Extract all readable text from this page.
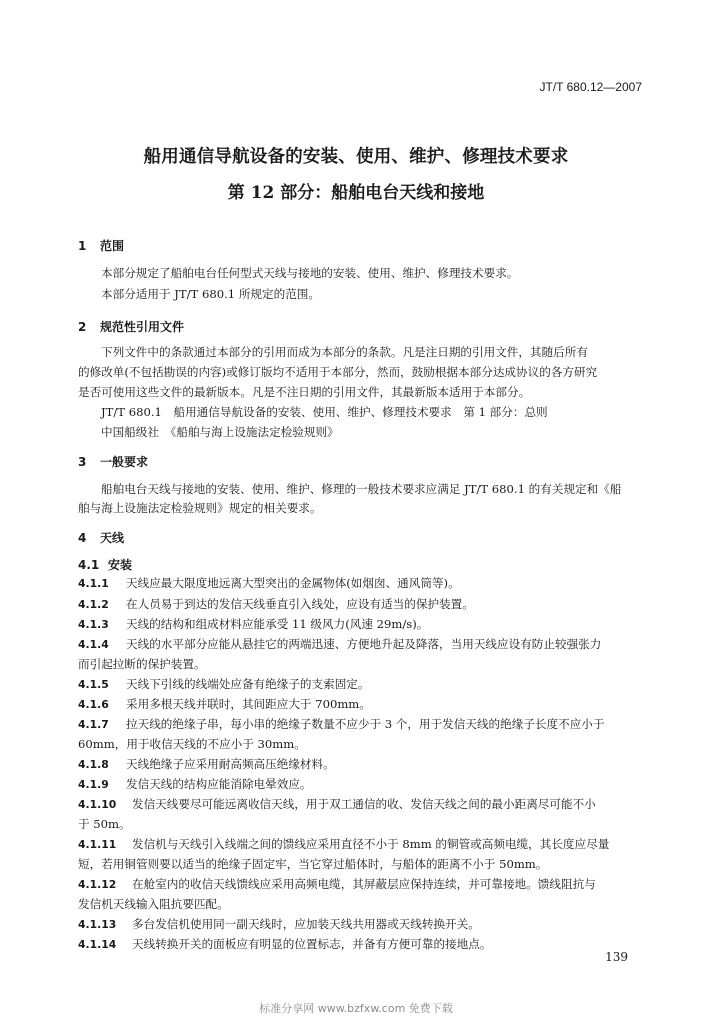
JT/T 680.12—2007
船用通信导航设备的安装、使用、维护、修理技术要求
第 12 部分：船舶电台天线和接地
1 范围
本部分规定了船舶电台任何型式天线与接地的安装、使用、维护、修理技术要求。
本部分适用于 JT/T 680.1 所规定的范围。
2 规范性引用文件
下列文件中的条款通过本部分的引用而成为本部分的条款。凡是注日期的引用文件，其随后所有
的修改单(不包括勘误的内容)或修订版均不适用于本部分，然而，鼓励根据本部分达成协议的各方研究
是否可使用这些文件的最新版本。凡是不注日期的引用文件，其最新版本适用于本部分。
JT/T 680.1　船用通信导航设备的安装、使用、维护、修理技术要求　第 1 部分：总则
中国船级社　《船舶与海上设施法定检验规则》
3 一般要求
船舶电台天线与接地的安装、使用、维护、修理的一般技术要求应满足 JT/T 680.1 的有关规定和《船
舶与海上设施法定检验规则》规定的相关要求。
4 天线
4.1 安装
4.1.1 天线应最大限度地远离大型突出的金属物体(如烟囱、通风筒等)。
4.1.2 在人员易于到达的发信天线垂直引入线处，应设有适当的保护装置。
4.1.3 天线的结构和组成材料应能承受 11 级风力(风速 29m/s)。
4.1.4 天线的水平部分应能从悬挂它的两端迅速、方便地升起及降落，当用天线应设有防止较强张力
而引起拉断的保护装置。
4.1.5 天线下引线的线端处应备有绝缘子的支索固定。
4.1.6 采用多根天线并联时，其间距应大于 700mm。
4.1.7 拉天线的绝缘子串，每小串的绝缘子数量不应少于 3 个，用于发信天线的绝缘子长度不应小于
60mm，用于收信天线的不应小于 30mm。
4.1.8 天线绝缘子应采用耐高频高压绝缘材料。
4.1.9 发信天线的结构应能消除电晕效应。
4.1.10 发信天线要尽可能远离收信天线，用于双工通信的收、发信天线之间的最小距离尽可能不小
于 50m。
4.1.11 发信机与天线引入线端之间的馈线应采用直径不小于 8mm 的铜管或高频电缆，其长度应尽量
短，若用铜管则要以适当的绝缘子固定牢，当它穿过船体时，与船体的距离不小于 50mm。
4.1.12 在舱室内的收信天线馈线应采用高频电缆，其屏蔽层应保持连续，并可靠接地。馈线阻抗与
发信机天线输入阻抗要匹配。
4.1.13 多台发信机使用同一副天线时，应加装天线共用器或天线转换开关。
4.1.14 天线转换开关的面板应有明显的位置标志，并备有方便可靠的接地点。
139
标准分享网 www.bzfxw.com 免费下载
